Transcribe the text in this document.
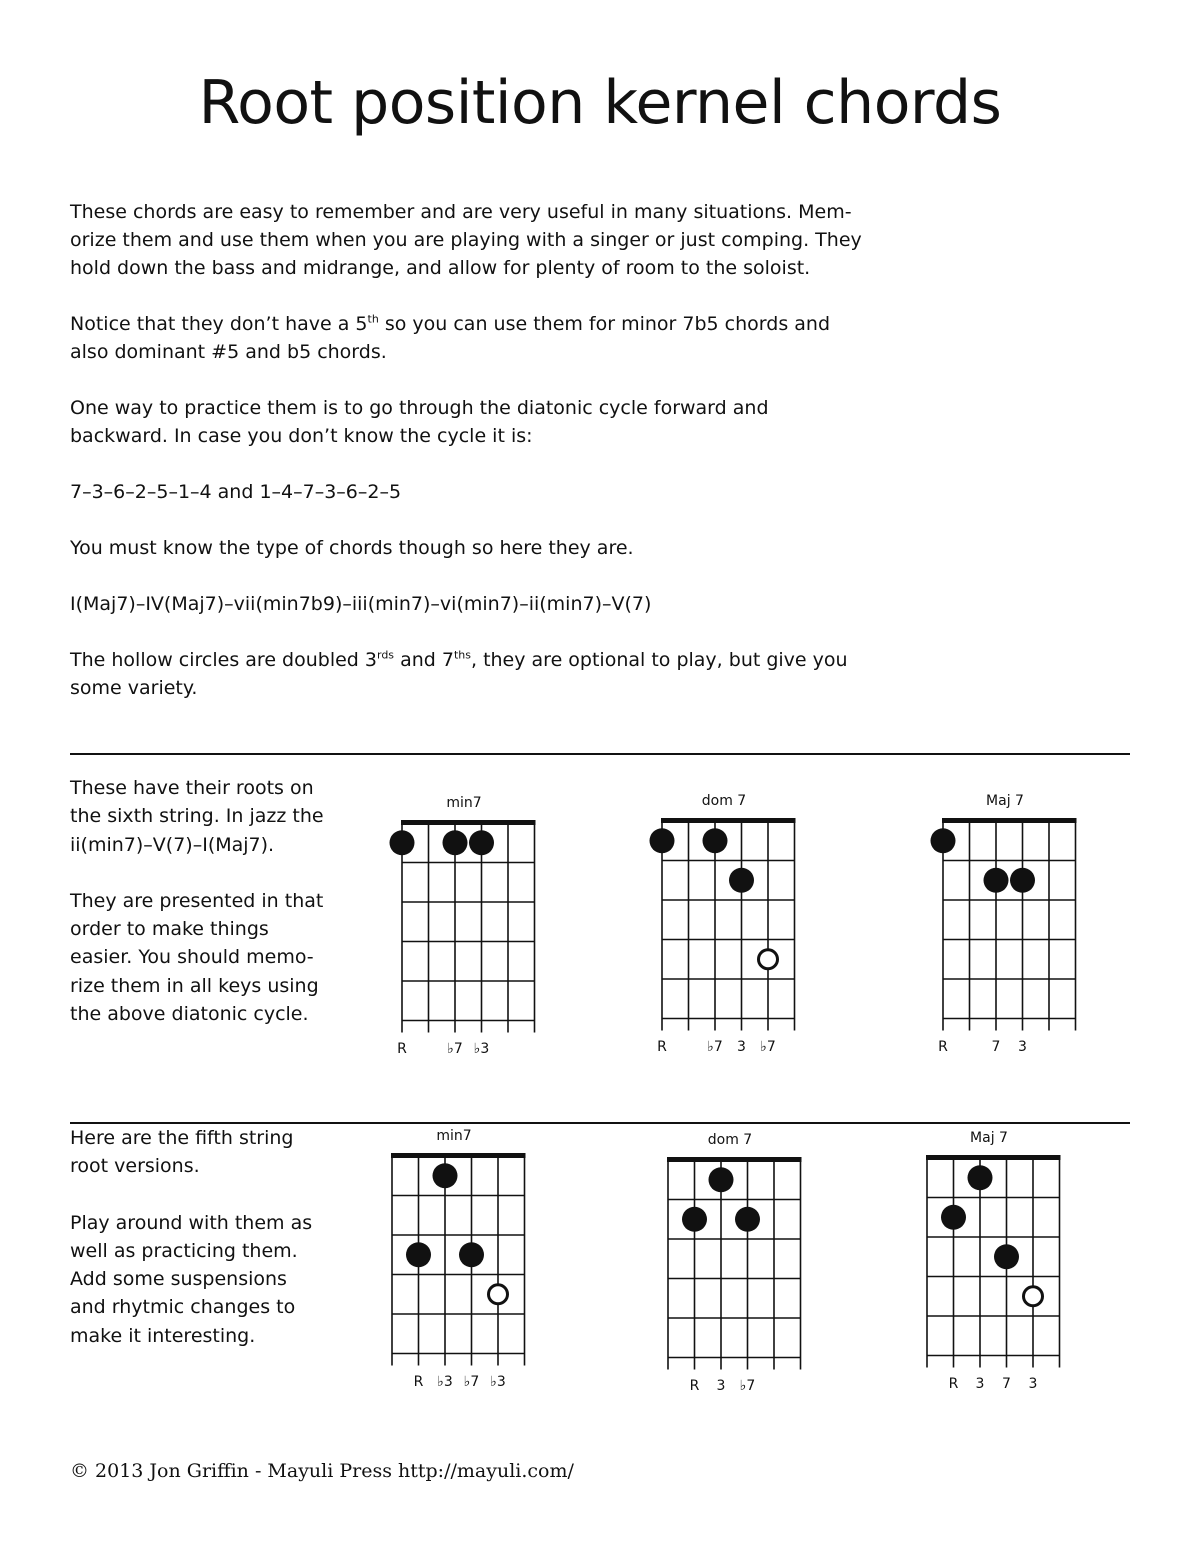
Root position kernel chords

These chords are easy to remember and are very useful in many situations. Mem-orize them and use them when you are playing with a singer or just comping. They hold down the bass and midrange, and allow for plenty of room to the soloist.

Notice that they don’t have a 5th so you can use them for minor 7b5 chords and also dominant #5 and b5 chords.

One way to practice them is to go through the diatonic cycle forward and backward. In case you don’t know the cycle it is:

7–3–6–2–5–1–4 and 1–4–7–3–6–2–5

You must know the type of chords though so here they are.

I(Maj7)–IV(Maj7)–vii(min7b9)–iii(min7)–vi(min7)–ii(min7)–V(7)

The hollow circles are doubled $3^{rds}$ and $7^{ths}$, they are optional to play, but give you some variety.

These have their roots on the sixth string. In jazz the ii(min7)–V(7)–I(Maj7).

They are presented in that order to make things easier. You should memo-rize them in all keys using the above diatonic cycle.

min7
R	♭7 ♭3
dom 7
R	♭7	3	♭7
Maj 7
R	7	3

Here are the fifth string root versions.

Play around with them as well as practicing them. Add some suspensions and rhytmic changes to make it interesting.

min7
R ♭3 ♭7 ♭3
dom 7
R	3	♭7
Maj 7
R	3	7	3
© 2013 Jon Griffin - Mayuli Press http://mayuli.com/
